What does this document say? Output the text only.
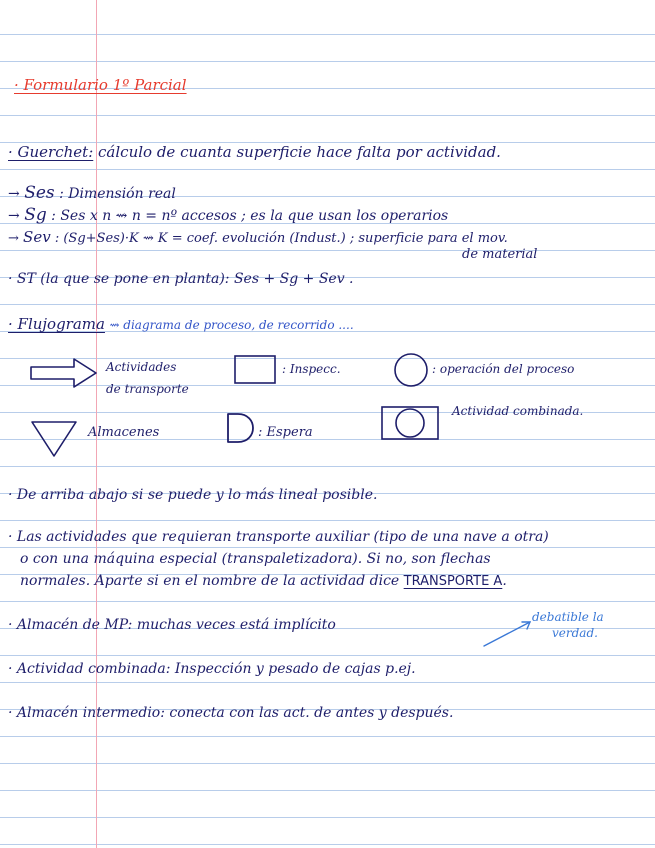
· Formulario 1º Parcial
· Guerchet: cálculo de cuanta superficie hace falta por actividad.
→ Ses : Dimensión real
→ Sg : Ses x n ⇝ n = nº accesos ; es la que usan los operarios
→ Sev : (Sg+Ses)·K ⇝ K = coef. evolución (Indust.) ; superficie para el mov.
de material
· ST (la que se pone en planta): Ses + Sg + Sev .
· Flujograma ⇝ diagrama de proceso, de recorrido ....
Actividades
de transporte
: Inspecc.	: operación del proceso
Actividad combinada.
Almacenes	: Espera
· De arriba abajo si se puede y lo más lineal posible.
· Las actividades que requieran transporte auxiliar (tipo de una nave a otra)
o con una máquina especial (transpaletizadora). Si no, son flechas
normales. Aparte si en el nombre de la actividad dice TRANSPORTE A.
· Almacén de MP: muchas veces está implícito	debatible la
verdad.
· Actividad combinada: Inspección y pesado de cajas p.ej.
· Almacén intermedio: conecta con las act. de antes y después.
